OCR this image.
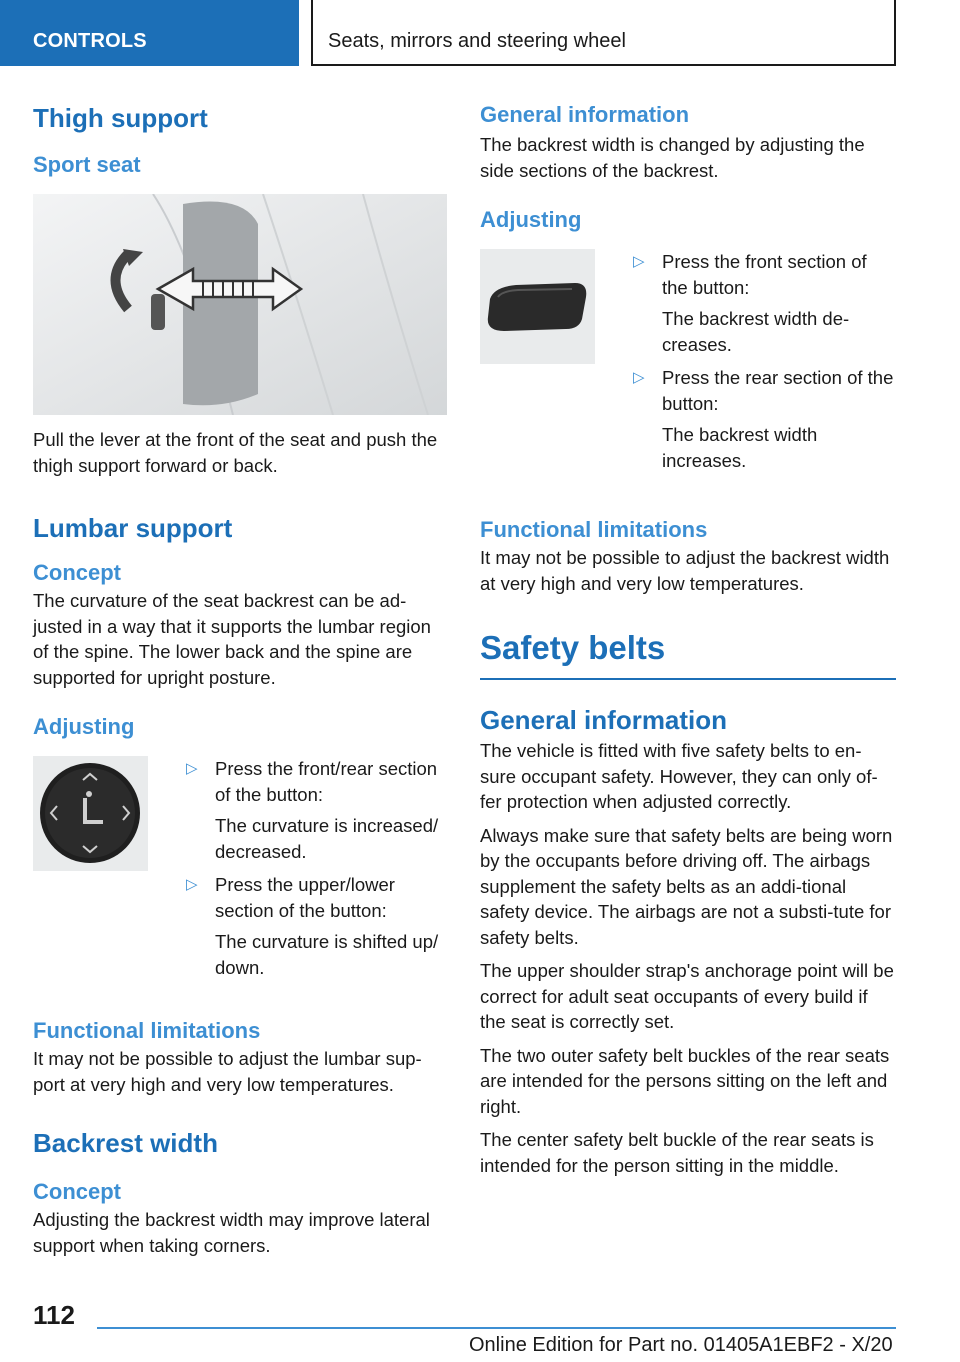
CONTROLS	Seats, mirrors and steering wheel
Thigh support
Sport seat

Pull the lever at the front of the seat and push the thigh support forward or back.

Lumbar support
Concept

The curvature of the seat backrest can be ad‐justed in a way that it supports the lumbar region of the spine. The lower back and the spine are supported for upright posture.

Adjusting
▷ Press the front/rear section of the button:

The curvature is increased/ decreased.

▷ Press the upper/lower section of the button:

The curvature is shifted up/ down.

Functional limitations

It may not be possible to adjust the lumbar sup‐port at very high and very low temperatures.

Backrest width
Concept

Adjusting the backrest width may improve lateral support when taking corners.

General information

The backrest width is changed by adjusting the side sections of the backrest.

Adjusting
▷ Press the front section of the button:

The backrest width de‐creases.

▷ Press the rear section of the button:

The backrest width increases.

Functional limitations

It may not be possible to adjust the backrest width at very high and very low temperatures.

Safety belts
General information

The vehicle is fitted with five safety belts to en‐sure occupant safety. However, they can only of‐fer protection when adjusted correctly.

Always make sure that safety belts are being worn by the occupants before driving off. The airbags supplement the safety belts as an addi‐tional safety device. The airbags are not a substi‐tute for safety belts.

The upper shoulder strap's anchorage point will be correct for adult seat occupants of every build if the seat is correctly set.

The two outer safety belt buckles of the rear seats are intended for the persons sitting on the left and right.

The center safety belt buckle of the rear seats is intended for the person sitting in the middle.

112
Online Edition for Part no. 01405A1EBF2 - X/20
